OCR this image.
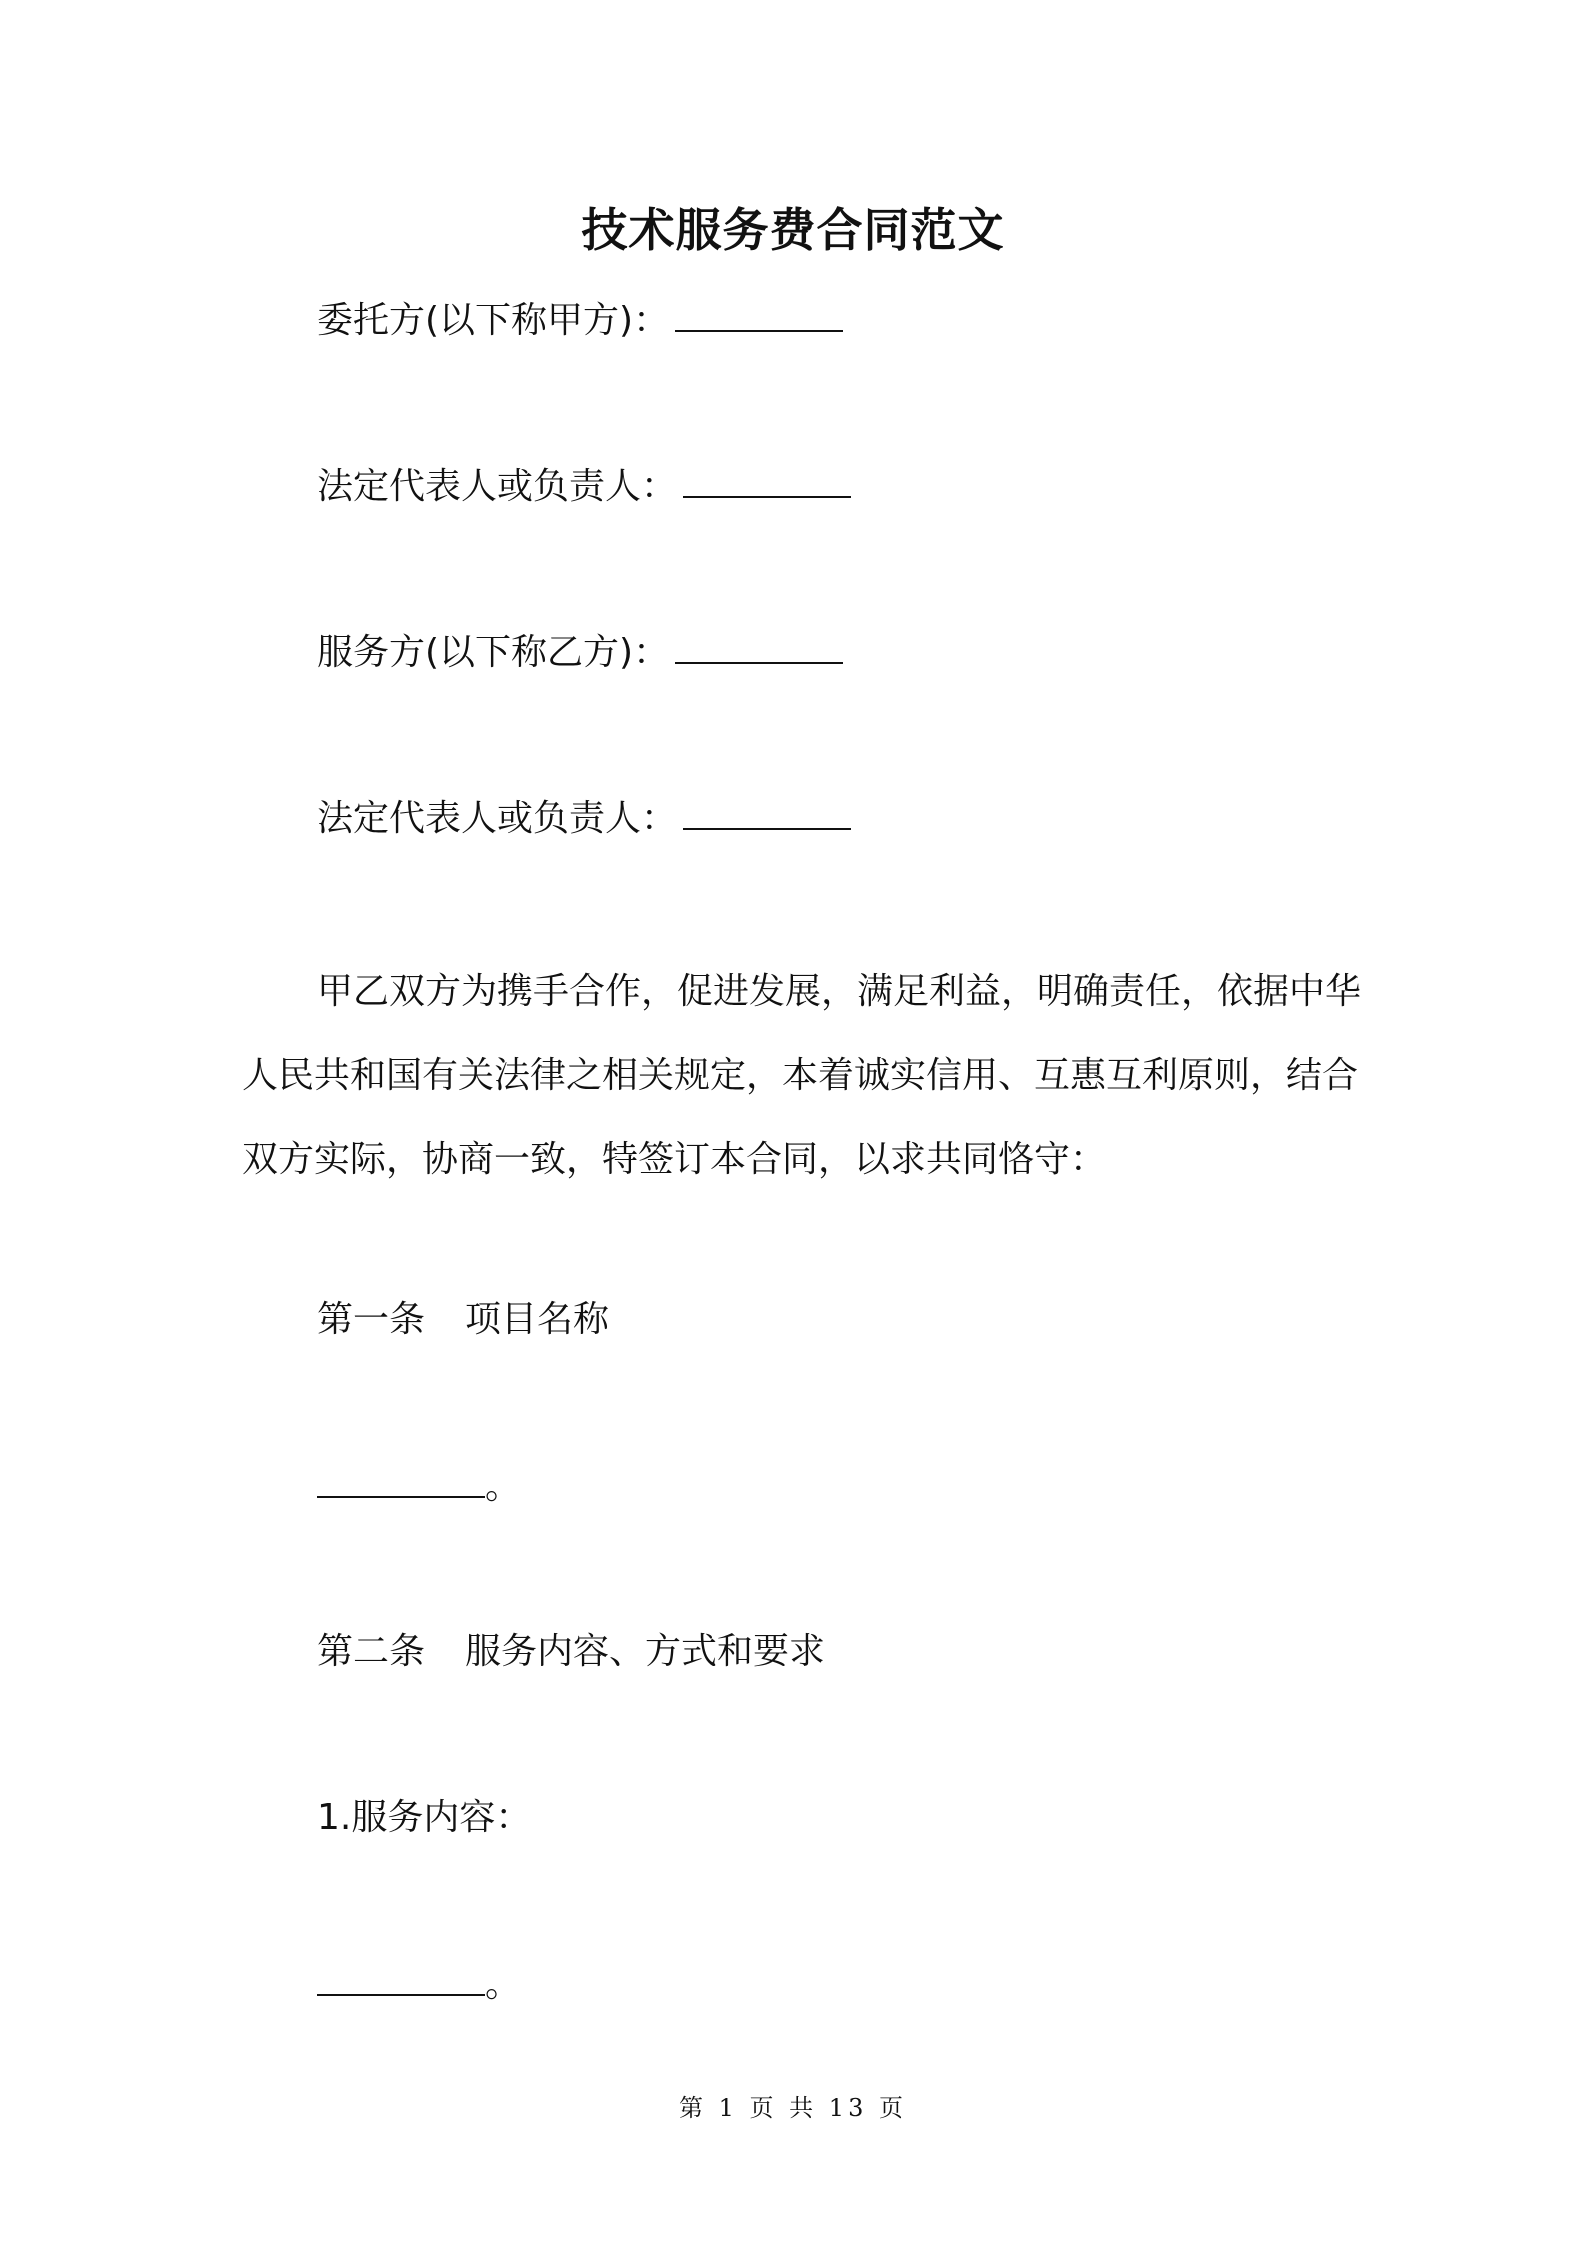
技术服务费合同范文
委托方(以下称甲方)：
法定代表人或负责人：
服务方(以下称乙方)：
法定代表人或负责人：

甲乙双方为携手合作，促进发展，满足利益，明确责任，依据中华人民共和国有关法律之相关规定，本着诚实信用、互惠互利原则，结合双方实际，协商一致，特签订本合同，以求共同恪守：

第一条 项目名称
。
第二条 服务内容、方式和要求
1.服务内容：
。
第 1 页 共 13 页
